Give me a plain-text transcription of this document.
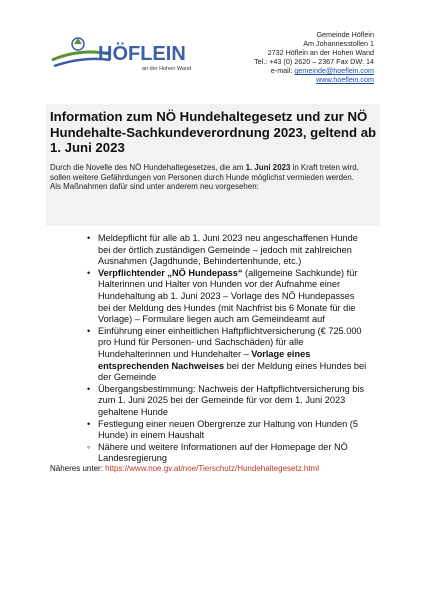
HÖFLEIN
an der Hohen Wand
Gemeinde Höflein
Am Johannesstollen 1
2732 Höflein an der Hohen Wand
Tel.: +43 (0) 2620 – 2367 Fax DW: 14
e-mail: gemeinde@hoeflein.com
www.hoeflein.com
Information zum NÖ Hundehaltegesetz und zur NÖ Hundehalte-Sachkundeverordnung 2023, geltend ab 1. Juni 2023
Durch die Novelle des NÖ Hundehaltegesetzes, die am 1. Juni 2023 in Kraft treten wird, sollen weitere Gefährdungen von Personen durch Hunde möglichst vermieden werden.
Als Maßnahmen dafür sind unter anderem neu vorgesehen:

• Meldepflicht für alle ab 1. Juni 2023 neu angeschaffenen Hunde bei der örtlich zuständigen Gemeinde – jedoch mit zahlreichen Ausnahmen (Jagdhunde, Behindertenhunde, etc.)

• Verpflichtender „NÖ Hundepass“ (allgemeine Sachkunde) für Halterinnen und Halter von Hunden vor der Aufnahme einer Hundehaltung ab 1. Juni 2023 – Vorlage des NÖ Hundepasses bei der Meldung des Hundes (mit Nachfrist bis 6 Monate für die Vorlage) – Formulare liegen auch am Gemeindeamt auf

• Einführung einer einheitlichen Haftpflichtversicherung (€ 725.000 pro Hund für Personen- und Sachschäden) für alle Hundehalterinnen und Hundehalter – Vorlage eines entsprechenden Nachweises bei der Meldung eines Hundes bei der Gemeinde

• Übergangsbestimmung: Nachweis der Haftpflichtversicherung bis zum 1. Juni 2025 bei der Gemeinde für vor dem 1. Juni 2023 gehaltene Hunde

• Festlegung einer neuen Obergrenze zur Haltung von Hunden (5 Hunde) in einem Haushalt

◦ Nähere und weitere Informationen auf der Homepage der NÖ Landesregierung

Näheres unter: https://www.noe.gv.at/noe/Tierschutz/Hundehaltegesetz.html
